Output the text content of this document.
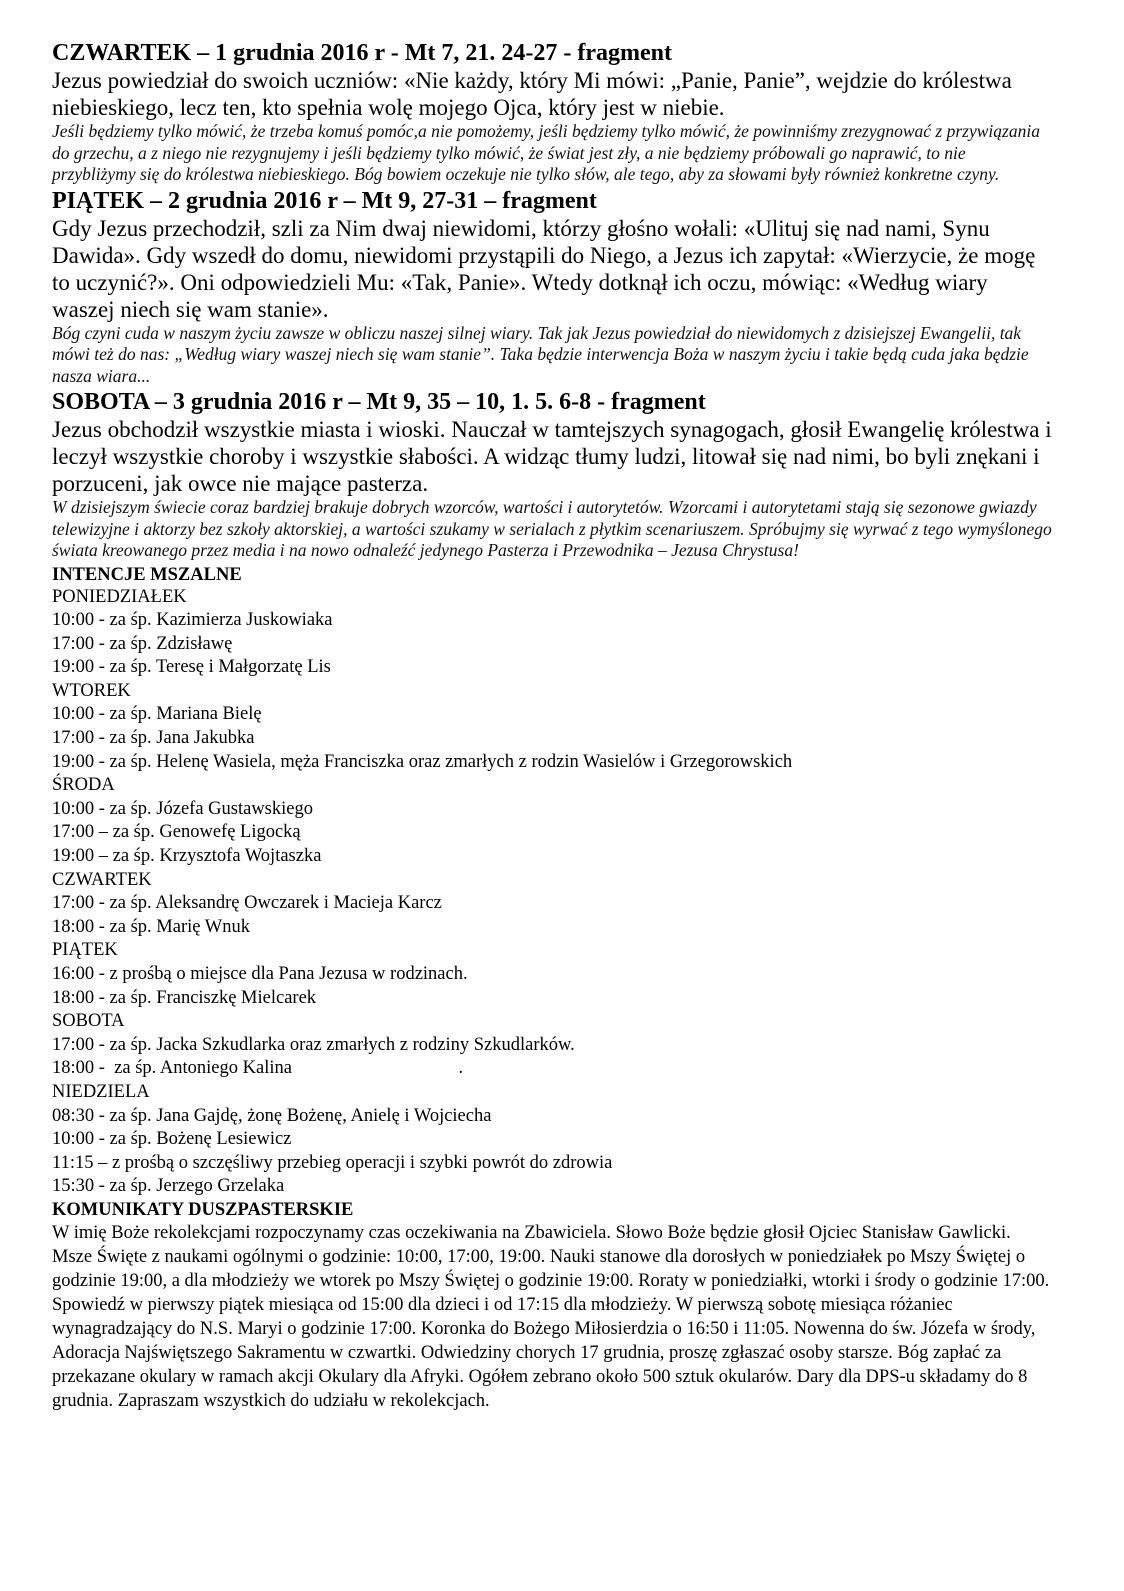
CZWARTEK – 1 grudnia 2016 r - Mt 7, 21. 24-27 - fragment

Jezus powiedział do swoich uczniów: «Nie każdy, który Mi mówi: „Panie, Panie”, wejdzie do królestwa niebieskiego, lecz ten, kto spełnia wolę mojego Ojca, który jest w niebie.

Jeśli będziemy tylko mówić, że trzeba komuś pomóc,a nie pomożemy, jeśli będziemy tylko mówić, że powinniśmy zrezygnować z przywiązania do grzechu, a z niego nie rezygnujemy i jeśli będziemy tylko mówić, że świat jest zły, a nie będziemy próbowali go naprawić, to nie przybliżymy się do królestwa niebieskiego. Bóg bowiem oczekuje nie tylko słów, ale tego, aby za słowami były również konkretne czyny.

PIĄTEK – 2 grudnia 2016 r – Mt 9, 27-31 – fragment

Gdy Jezus przechodził, szli za Nim dwaj niewidomi, którzy głośno wołali: «Ulituj się nad nami, Synu Dawida». Gdy wszedł do domu, niewidomi przystąpili do Niego, a Jezus ich zapytał: «Wierzycie, że mogę to uczynić?». Oni odpowiedzieli Mu: «Tak, Panie». Wtedy dotknął ich oczu, mówiąc: «Według wiary waszej niech się wam stanie».

Bóg czyni cuda w naszym życiu zawsze w obliczu naszej silnej wiary. Tak jak Jezus powiedział do niewidomych z dzisiejszej Ewangelii, tak mówi też do nas: „Według wiary waszej niech się wam stanie”. Taka będzie interwencja Boża w naszym życiu i takie będą cuda jaka będzie nasza wiara...

SOBOTA – 3 grudnia 2016 r – Mt 9, 35 – 10, 1. 5. 6-8 - fragment

Jezus obchodził wszystkie miasta i wioski. Nauczał w tamtejszych synagogach, głosił Ewangelię królestwa i leczył wszystkie choroby i wszystkie słabości. A widząc tłumy ludzi, litował się nad nimi, bo byli znękani i porzuceni, jak owce nie mające pasterza.

W dzisiejszym świecie coraz bardziej brakuje dobrych wzorców, wartości i autorytetów. Wzorcami i autorytetami stają się sezonowe gwiazdy telewizyjne i aktorzy bez szkoły aktorskiej, a wartości szukamy w serialach z płytkim scenariuszem. Spróbujmy się wyrwać z tego wymyślonego świata kreowanego przez media i na nowo odnaleźć jedynego Pasterza i Przewodnika – Jezusa Chrystusa!

INTENCJE MSZALNE
PONIEDZIAŁEK
10:00 - za śp. Kazimierza Juskowiaka
17:00 - za śp. Zdzisławę
19:00 - za śp. Teresę i Małgorzatę Lis
WTOREK
10:00 - za śp. Mariana Bielę
17:00 - za śp. Jana Jakubka
19:00 - za śp. Helenę Wasiela, męża Franciszka oraz zmarłych z rodzin Wasielów i Grzegorowskich
ŚRODA
10:00 - za śp. Józefa Gustawskiego
17:00 – za śp. Genowefę Ligocką
19:00 – za śp. Krzysztofa Wojtaszka
CZWARTEK
17:00 - za śp. Aleksandrę Owczarek i Macieja Karcz
18:00 - za śp. Marię Wnuk
PIĄTEK
16:00 - z prośbą o miejsce dla Pana Jezusa w rodzinach.
18:00 - za śp. Franciszkę Mielcarek
SOBOTA
17:00 - za śp. Jacka Szkudlarka oraz zmarłych z rodziny Szkudlarków.
18:00 -  za śp. Antoniego Kalina                                    .
NIEDZIELA
08:30 - za śp. Jana Gajdę, żonę Bożenę, Anielę i Wojciecha
10:00 - za śp. Bożenę Lesiewicz
11:15 – z prośbą o szczęśliwy przebieg operacji i szybki powrót do zdrowia
15:30 - za śp. Jerzego Grzelaka
KOMUNIKATY DUSZPASTERSKIE

W imię Boże rekolekcjami rozpoczynamy czas oczekiwania na Zbawiciela. Słowo Boże będzie głosił Ojciec Stanisław Gawlicki. Msze Święte z naukami ogólnymi o godzinie: 10:00, 17:00, 19:00. Nauki stanowe dla dorosłych w poniedziałek po Mszy Świętej o godzinie 19:00, a dla młodzieży we wtorek po Mszy Świętej o godzinie 19:00. Roraty w poniedziałki, wtorki i środy o godzinie 17:00. Spowiedź w pierwszy piątek miesiąca od 15:00 dla dzieci i od 17:15 dla młodzieży. W pierwszą sobotę miesiąca różaniec wynagradzający do N.S. Maryi o godzinie 17:00. Koronka do Bożego Miłosierdzia o 16:50 i 11:05. Nowenna do św. Józefa w środy, Adoracja Najświętszego Sakramentu w czwartki. Odwiedziny chorych 17 grudnia, proszę zgłaszać osoby starsze. Bóg zapłać za przekazane okulary w ramach akcji Okulary dla Afryki. Ogółem zebrano około 500 sztuk okularów. Dary dla DPS-u składamy do 8 grudnia. Zapraszam wszystkich do udziału w rekolekcjach.
